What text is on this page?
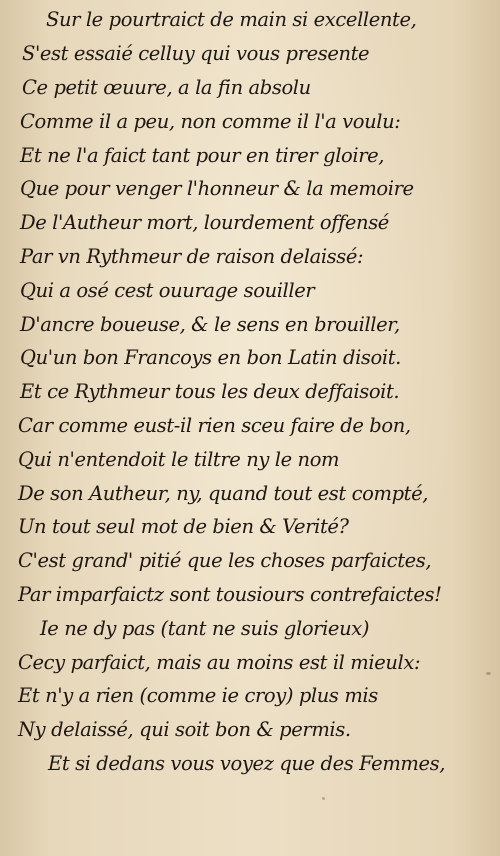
Sur le pourtraict de main si excellente,
S'est essaié celluy qui vous presente
Ce petit œuure, a la fin absolu
Comme il a peu, non comme il l'a voulu:
Et ne l'a faict tant pour en tirer gloire,
Que pour venger l'honneur & la memoire
De l'Autheur mort, lourdement offensé
Par vn Rythmeur de raison delaissé:
Qui a osé cest ouurage souiller
D'ancre boueuse, & le sens en brouiller,
Qu'un bon Francoys en bon Latin disoit.
Et ce Rythmeur tous les deux deffaisoit.
Car comme eust-il rien sceu faire de bon,
Qui n'entendoit le tiltre ny le nom
De son Autheur, ny, quand tout est compté,
Un tout seul mot de bien & Verité?
C'est grand' pitié que les choses parfaictes,
Par imparfaictz sont tousiours contrefaictes!
Ie ne dy pas (tant ne suis glorieux)
Cecy parfaict, mais au moins est il mieulx:
Et n'y a rien (comme ie croy) plus mis
Ny delaissé, qui soit bon & permis.
Et si dedans vous voyez que des Femmes,
